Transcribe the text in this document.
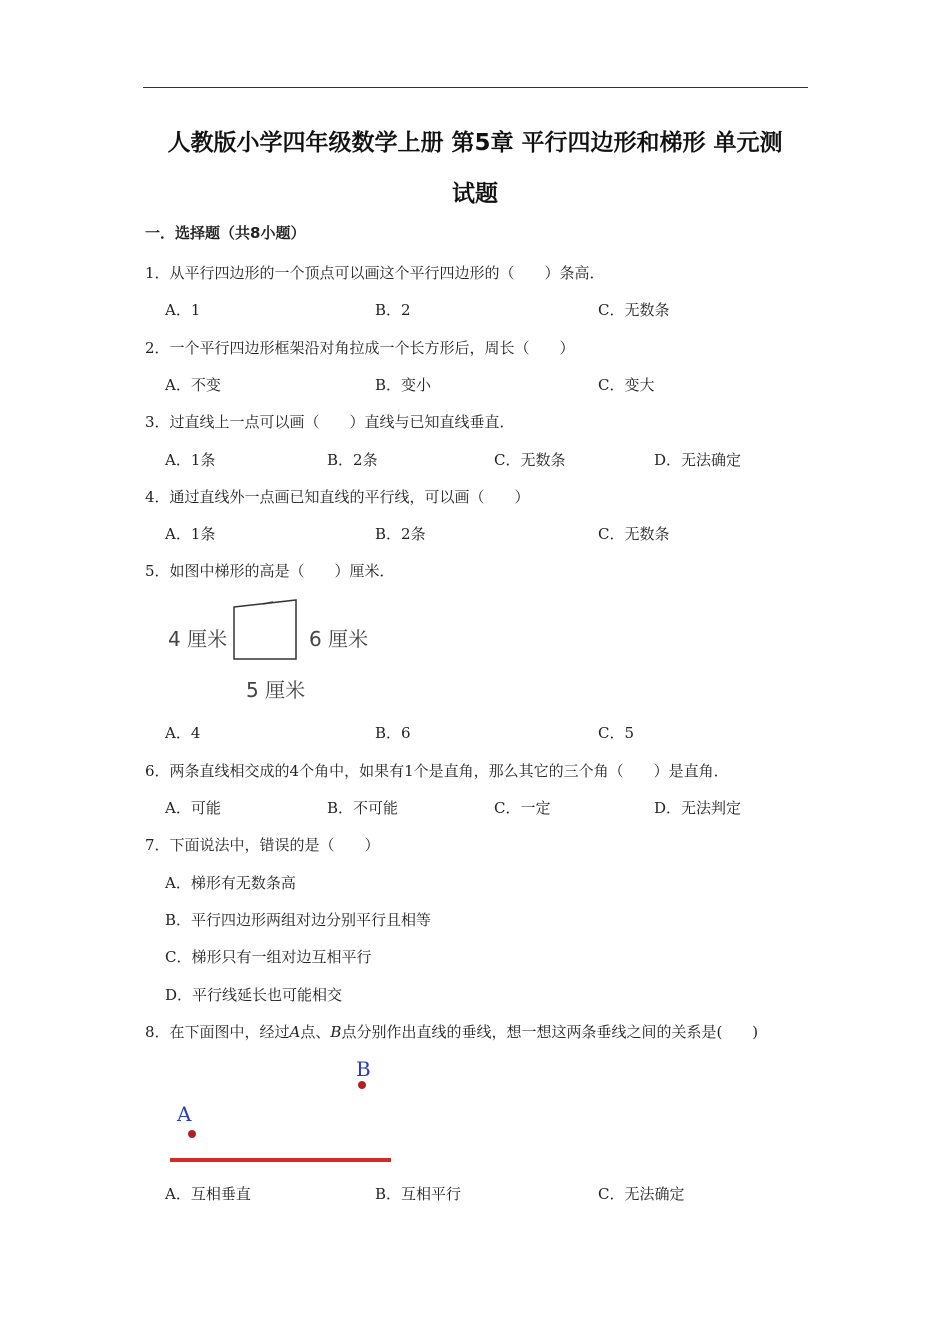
人教版小学四年级数学上册 第5章 平行四边形和梯形 单元测
试题
一．选择题（共8小题）
1．从平行四边形的一个顶点可以画这个平行四边形的（　　）条高．
A．1	B．2	C．无数条
2．一个平行四边形框架沿对角拉成一个长方形后，周长（　　）
A．不变	B．变小	C．变大
3．过直线上一点可以画（　　）直线与已知直线垂直．
A．1条	B．2条	C．无数条	D．无法确定
4．通过直线外一点画已知直线的平行线，可以画（　　）
A．1条	B．2条	C．无数条
5．如图中梯形的高是（　　）厘米．
4 厘米	6 厘米
5 厘米
A．4	B．6	C．5
6．两条直线相交成的4个角中，如果有1个是直角，那么其它的三个角（　　）是直角．
A．可能	B．不可能	C．一定	D．无法判定
7．下面说法中，错误的是（　　）
A．梯形有无数条高
B．平行四边形两组对边分别平行且相等
C．梯形只有一组对边互相平行
D．平行线延长也可能相交
8．在下面图中，经过A点、B点分别作出直线的垂线，想一想这两条垂线之间的关系是(　　)
A
B
A．互相垂直	B．互相平行	C．无法确定
